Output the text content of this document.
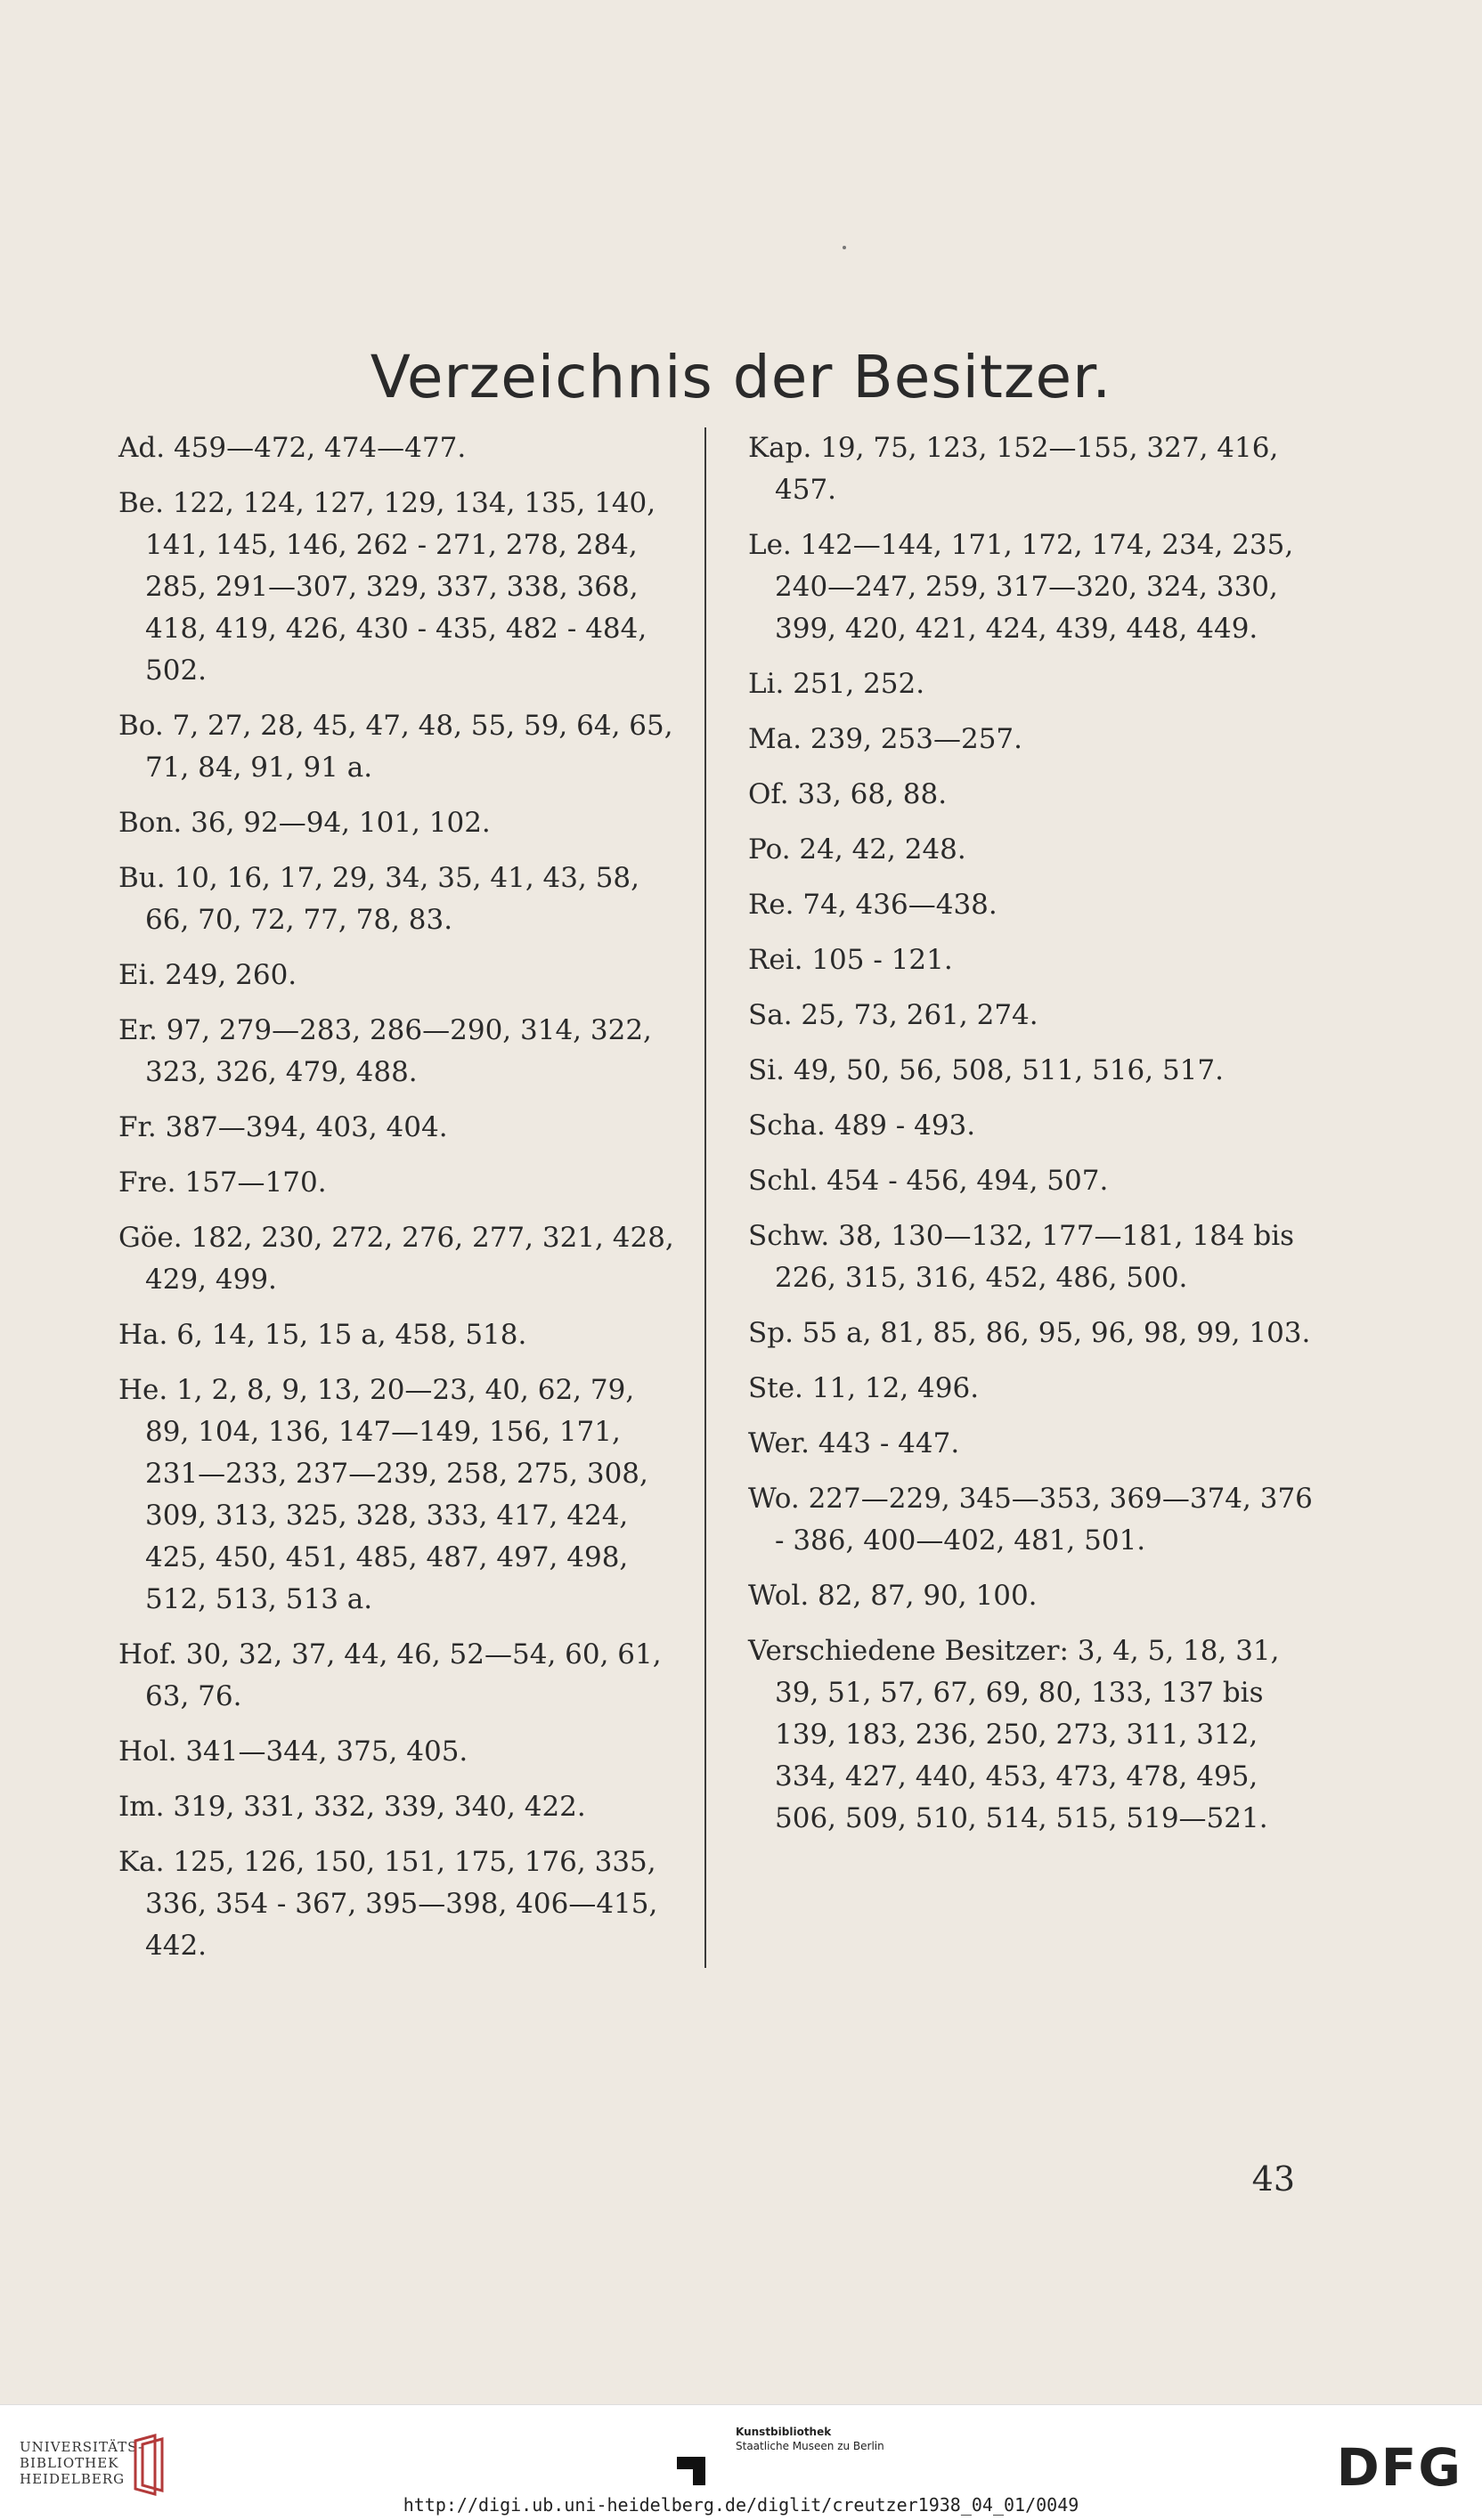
Verzeichnis der Besitzer.
Ad. 459—472, 474—477.
Be. 122, 124, 127, 129, 134, 135, 140, 141, 145, 146, 262 - 271, 278, 284, 285, 291—307, 329, 337, 338, 368, 418, 419, 426, 430 - 435, 482 - 484, 502.
Bo. 7, 27, 28, 45, 47, 48, 55, 59, 64, 65, 71, 84, 91, 91 a.
Bon. 36, 92—94, 101, 102.
Bu. 10, 16, 17, 29, 34, 35, 41, 43, 58, 66, 70, 72, 77, 78, 83.
Ei. 249, 260.
Er. 97, 279—283, 286—290, 314, 322, 323, 326, 479, 488.
Fr. 387—394, 403, 404.
Fre. 157—170.
Göe. 182, 230, 272, 276, 277, 321, 428, 429, 499.
Ha. 6, 14, 15, 15 a, 458, 518.
He. 1, 2, 8, 9, 13, 20—23, 40, 62, 79, 89, 104, 136, 147—149, 156, 171, 231—233, 237—239, 258, 275, 308, 309, 313, 325, 328, 333, 417, 424, 425, 450, 451, 485, 487, 497, 498, 512, 513, 513 a.
Hof. 30, 32, 37, 44, 46, 52—54, 60, 61, 63, 76.
Hol. 341—344, 375, 405.
Im. 319, 331, 332, 339, 340, 422.
Ka. 125, 126, 150, 151, 175, 176, 335, 336, 354 - 367, 395—398, 406—415, 442.
Kap. 19, 75, 123, 152—155, 327, 416, 457.
Le. 142—144, 171, 172, 174, 234, 235, 240—247, 259, 317—320, 324, 330, 399, 420, 421, 424, 439, 448, 449.
Li. 251, 252.
Ma. 239, 253—257.
Of. 33, 68, 88.
Po. 24, 42, 248.
Re. 74, 436—438.
Rei. 105 - 121.
Sa. 25, 73, 261, 274.
Si. 49, 50, 56, 508, 511, 516, 517.
Scha. 489 - 493.
Schl. 454 - 456, 494, 507.
Schw. 38, 130—132, 177—181, 184 bis 226, 315, 316, 452, 486, 500.
Sp. 55 a, 81, 85, 86, 95, 96, 98, 99, 103.
Ste. 11, 12, 496.
Wer. 443 - 447.
Wo. 227—229, 345—353, 369—374, 376 - 386, 400—402, 481, 501.
Wol. 82, 87, 90, 100.
Verschiedene Besitzer: 3, 4, 5, 18, 31, 39, 51, 57, 67, 69, 80, 133, 137 bis 139, 183, 236, 250, 273, 311, 312, 334, 427, 440, 453, 473, 478, 495, 506, 509, 510, 514, 515, 519—521.
43
UNIVERSITÄTS-
BIBLIOTHEK
HEIDELBERG
Kunstbibliothek
Staatliche Museen zu Berlin	DFG
http://digi.ub.uni-heidelberg.de/diglit/creutzer1938_04_01/0049
